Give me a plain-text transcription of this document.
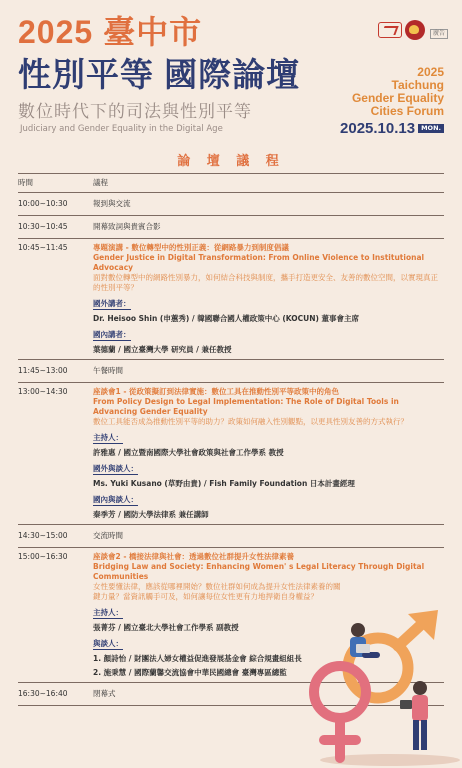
廣告
2025 臺中市
性別平等 國際論壇
數位時代下的司法與性別平等
Judiciary and Gender Equality in the Digital Age
2025
Taichung
Gender Equality
Cities Forum
2025.10.13 MON.
論 壇 議 程
時間	議程
10:00~10:30	報到與交流
10:30~10:45	開幕致詞與貴賓合影
10:45~11:45	專題演講 - 數位轉型中的性別正義：從網路暴力到制度倡議
Gender Justice in Digital Transformation: From Online Violence to Institutional Advocacy
面對數位轉型中的網路性別暴力，如何結合科技與制度，攜手打造更安全、友善的數位空間，以實現真正的性別平等？
國外講者：
Dr. Heisoo Shin (申蕙秀) / 韓國聯合國人權政策中心 (KOCUN) 董事會主席
國內講者：
葉德蘭 / 國立臺灣大學 研究員 / 兼任教授
11:45~13:00	午餐時間
13:00~14:30	座談會1 - 從政策擬訂到法律實施：數位工具在推動性別平等政策中的角色
From Policy Design to Legal Implementation: The Role of Digital Tools in Advancing Gender Equality
數位工具能否成為推動性別平等的助力？政策如何融入性別觀點，以更具性別友善的方式執行？
主持人：
許雅惠 / 國立暨南國際大學社會政策與社會工作學系 教授
國外與談人：
Ms. Yuki Kusano (草野由貴) / Fish Family Foundation 日本計畫經理
國內與談人：
秦季芳 / 國防大學法律系 兼任講師
14:30~15:00	交流時間
15:00~16:30	座談會2 - 橋接法律與社會：透過數位社群提升女性法律素養
Bridging Law and Society: Enhancing Women' s Legal Literacy Through Digital Communities
女性要懂法律，應該從哪裡開始？數位社群如何成為提升女性法律素養的關鍵力量？當資訊觸手可及，如何讓每位女性更有力地捍衛自身權益？
主持人：
張菁芬 / 國立臺北大學社會工作學系 副教授
與談人：
1. 顏詩怡 / 財團法人婦女權益促進發展基金會 綜合規畫組組長
2. 施秉慧 / 國際蘭馨交流協會中華民國總會 臺灣專區總監
16:30~16:40	閉幕式
